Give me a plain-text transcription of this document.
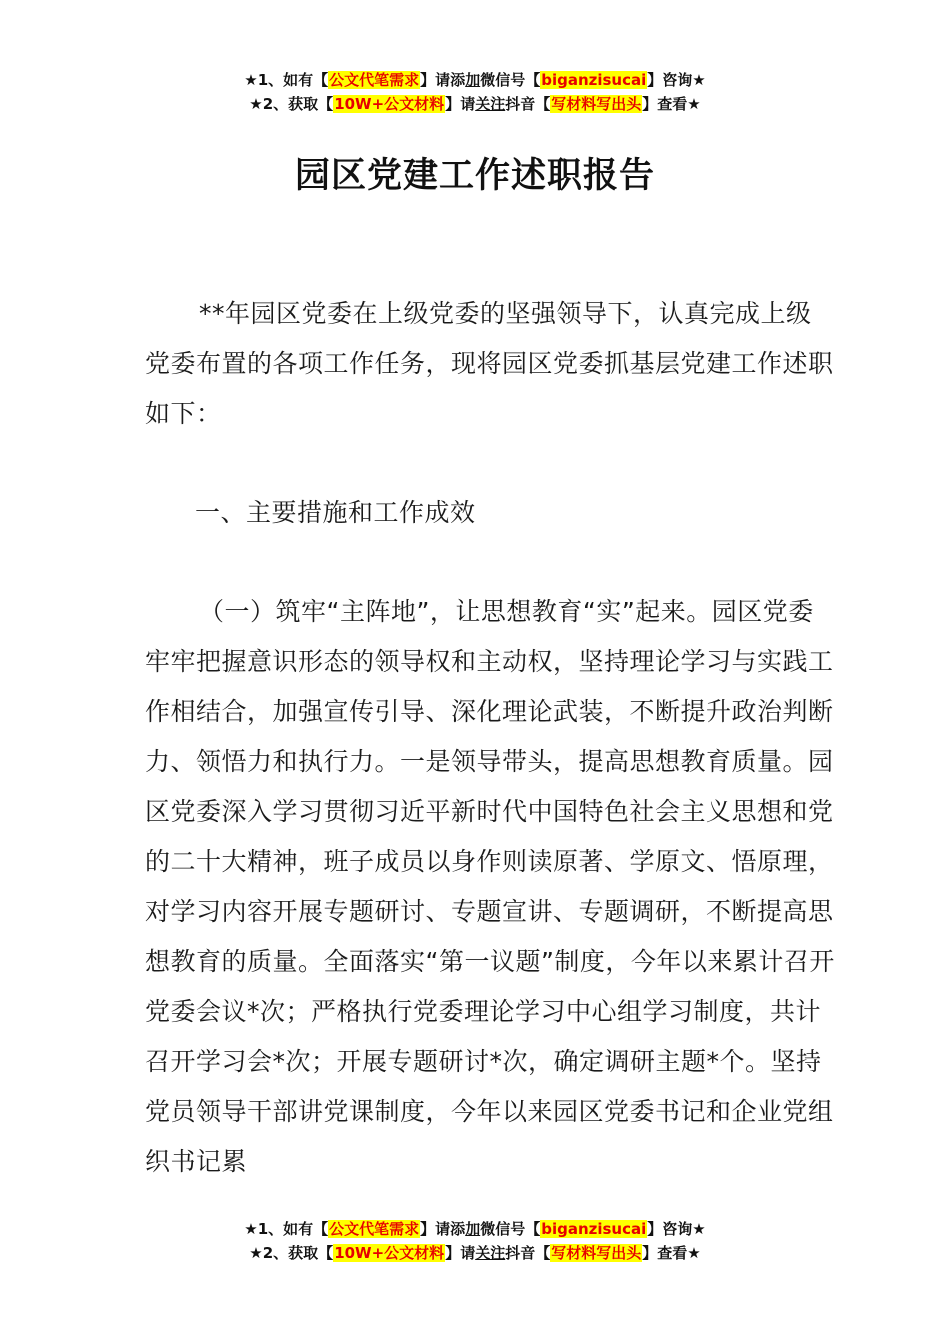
★1、如有【公文代笔需求】请添加微信号【biganzisucai】咨询★
★2、获取【10W+公文材料】请关注抖音【写材料写出头】查看★
园区党建工作述职报告
**年园区党委在上级党委的坚强领导下，认真完成上级党委布置的各项工作任务，现将园区党委抓基层党建工作述职如下：
一、主要措施和工作成效
（一）筑牢“主阵地”，让思想教育“实”起来。园区党委牢牢把握意识形态的领导权和主动权，坚持理论学习与实践工作相结合，加强宣传引导、深化理论武装，不断提升政治判断力、领悟力和执行力。一是领导带头，提高思想教育质量。园区党委深入学习贯彻习近平新时代中国特色社会主义思想和党的二十大精神，班子成员以身作则读原著、学原文、悟原理，对学习内容开展专题研讨、专题宣讲、专题调研，不断提高思想教育的质量。全面落实“第一议题”制度，今年以来累计召开党委会议*次；严格执行党委理论学习中心组学习制度，共计召开学习会*次；开展专题研讨*次，确定调研主题*个。坚持党员领导干部讲党课制度，今年以来园区党委书记和企业党组织书记累
★1、如有【公文代笔需求】请添加微信号【biganzisucai】咨询★
★2、获取【10W+公文材料】请关注抖音【写材料写出头】查看★
